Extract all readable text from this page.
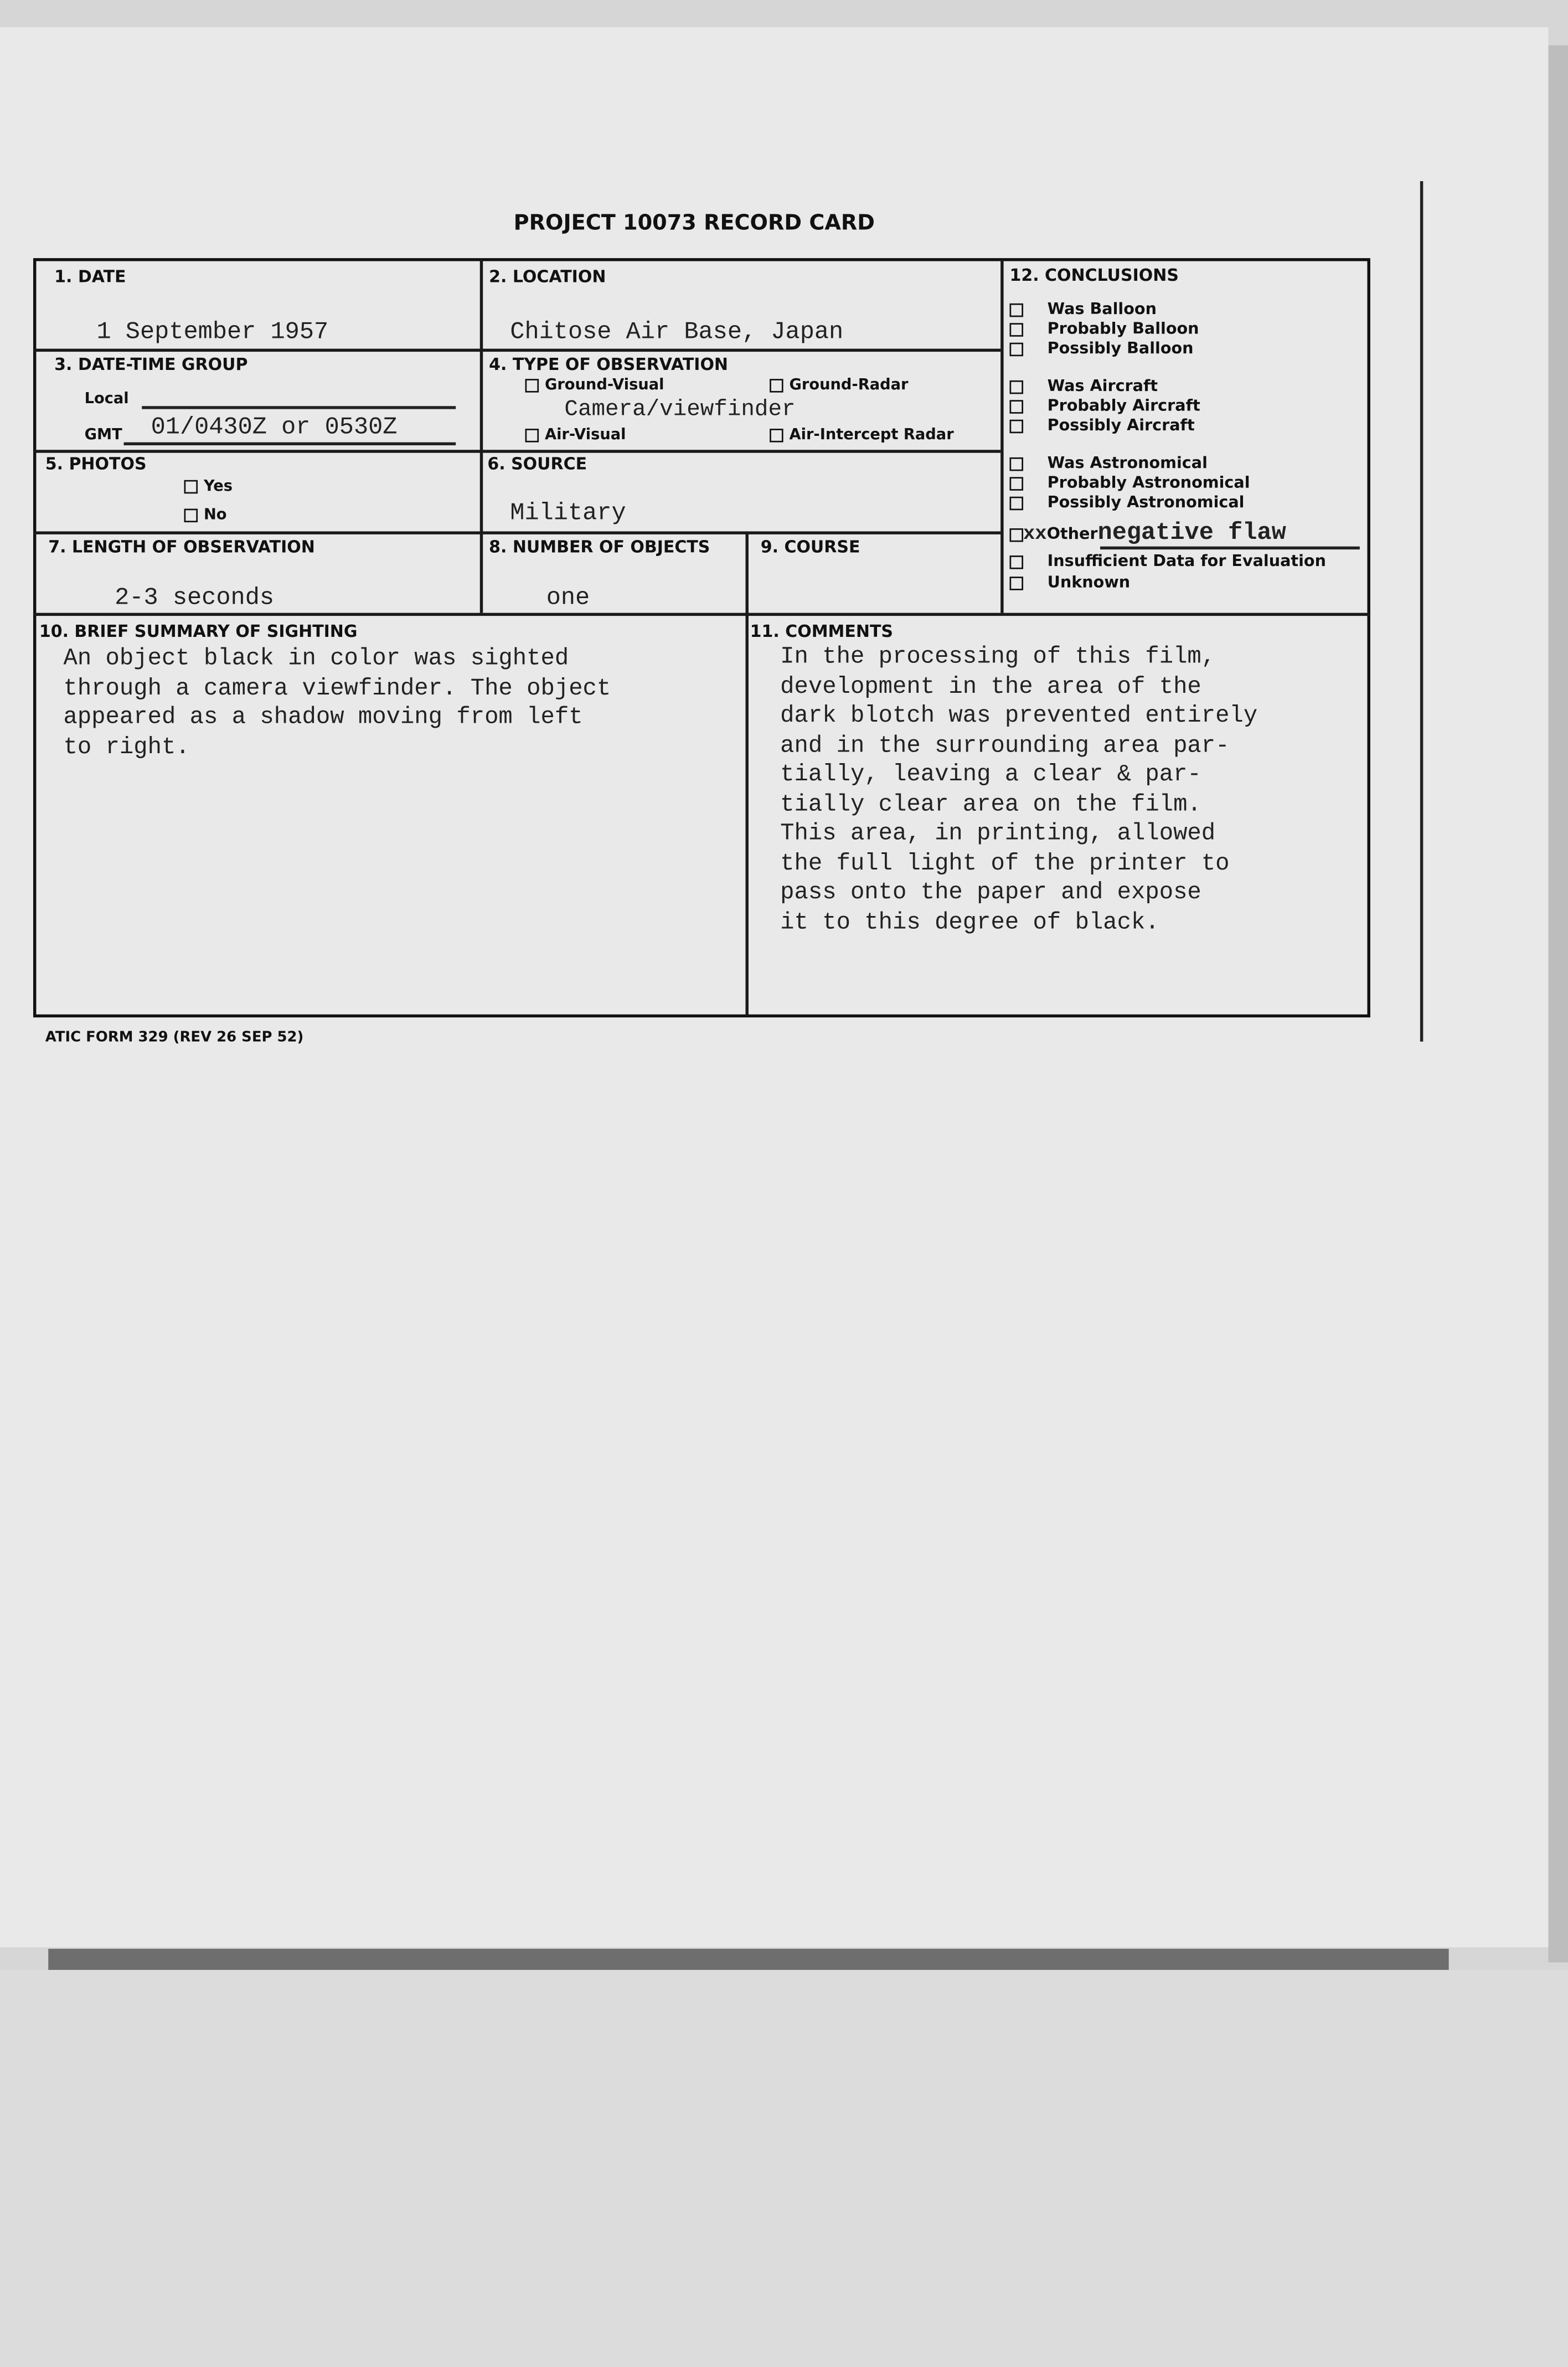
PROJECT 10073 RECORD CARD
1. DATE
1 September 1957
2. LOCATION
Chitose Air Base, Japan
3. DATE-TIME GROUP
Local
GMT	01/0430Z or 0530Z
4. TYPE OF OBSERVATION
Ground-Visual	Ground-Radar
Camera/viewfinder
Air-Visual	Air-Intercept Radar
5. PHOTOS
Yes
No
6. SOURCE
Military
7. LENGTH OF OBSERVATION
2-3 seconds
8. NUMBER OF OBJECTS
one
9. COURSE
12. CONCLUSIONS
Was Balloon
Probably Balloon
Possibly Balloon
Was Aircraft
Probably Aircraft
Possibly Aircraft
Was Astronomical
Probably Astronomical
Possibly Astronomical
xxOthernegative flaw
Insufficient Data for Evaluation
Unknown
10. BRIEF SUMMARY OF SIGHTING
An object black in color was sighted
through a camera viewfinder. The object
appeared as a shadow moving from left
to right.
11. COMMENTS
In the processing of this film,
development in the area of the
dark blotch was prevented entirely
and in the surrounding area par-
tially, leaving a clear & par-
tially clear area on the film.
This area, in printing, allowed
the full light of the printer to
pass onto the paper and expose
it to this degree of black.
ATIC FORM 329 (REV 26 SEP 52)
